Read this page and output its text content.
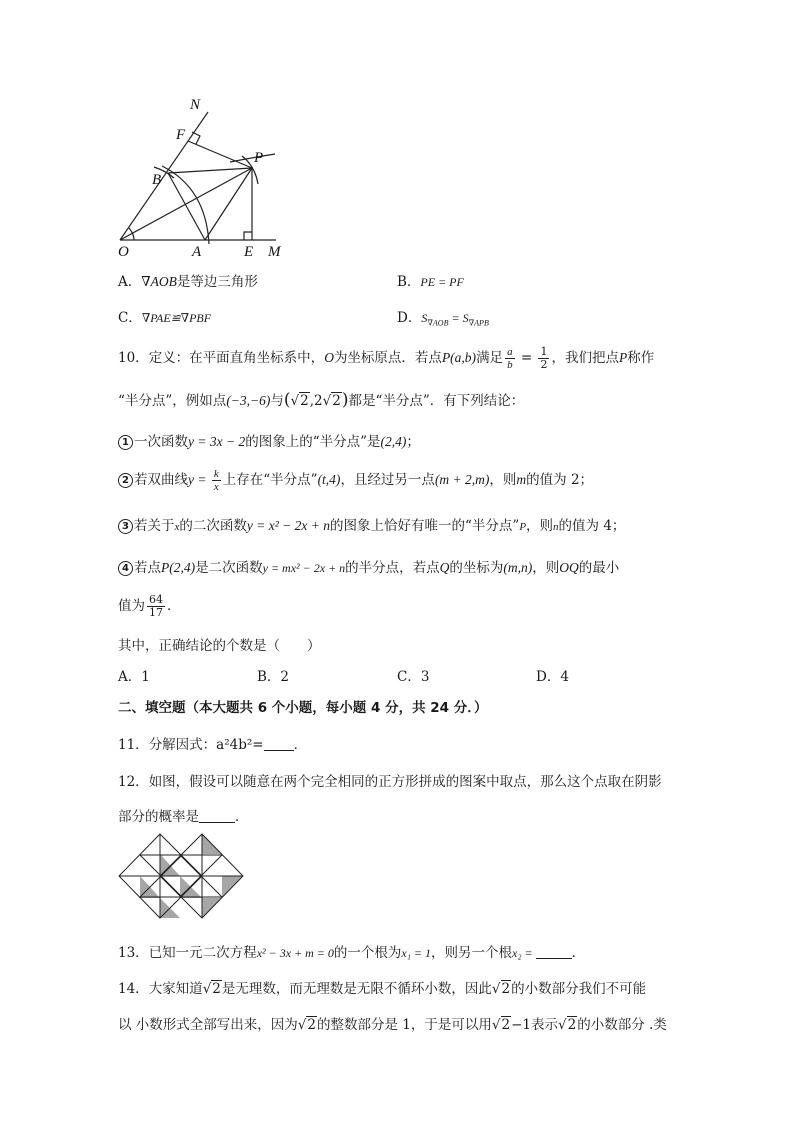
N
F
P
B
O	A	E M
A．∇AOB是等边三角形	B．PE = PF
C．∇PAE≌∇PBF	D．$S_{\nabla AOB} = S_{\nabla APB}$
10．定义：在平面直角坐标系中，O为坐标原点．若点P(a,b)满足 $\frac{a}{b} = \frac{1}{2}$ ，我们把点P称作
“半分点”，例如点(−3,−6)与(√2,2√2)都是“半分点”．有下列结论：
1 一次函数y = 3x − 2的图象上的“半分点”是(2,4)；
2 若双曲线$y = \frac{k}{x}$ 上存在“半分点”(t,4)，且经过另一点(m + 2,m)，则m的值为 2；
3 若关于x的二次函数y = x² − 2x + n的图象上恰好有唯一的“半分点”P，则n的值为 4；
4 若点P(2,4)是二次函数y = mx² − 2x + n的半分点，若点Q的坐标为(m,n)，则OQ的最小
值为 $\frac{64}{17}$ ．
其中，正确结论的个数是（　　）
A．1	B．2	C．3	D．4
二、填空题（本大题共 6 个小题，每小题 4 分，共 24 分．）
11．分解因式：a²4b²= ．
12．如图，假设可以随意在两个完全相同的正方形拼成的图案中取点，那么这个点取在阴影
部分的概率是	．
13．已知一元二次方程x² − 3x + m = 0的一个根为x₁ = 1，则另一个根x₂ =	．
14．大家知道√2是无理数，而无理数是无限不循环小数，因此√2的小数部分我们不可能
以 小数形式全部写出来，因为√2的整数部分是 1，于是可以用√2−1表示√2的小数部分 .类
